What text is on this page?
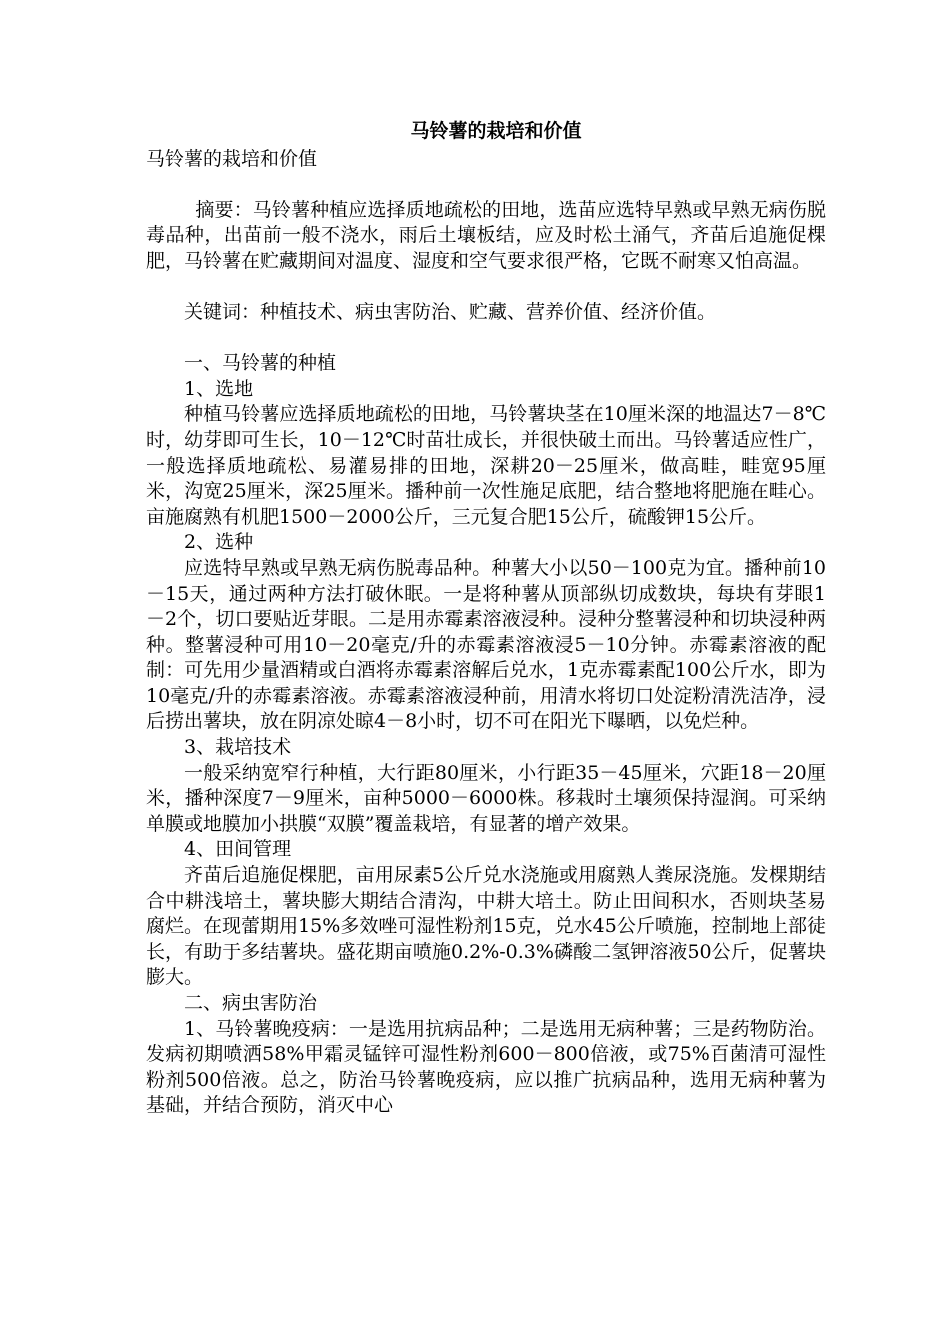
马铃薯的栽培和价值

马铃薯的栽培和价值

摘要：马铃薯种植应选择质地疏松的田地，选苗应选特早熟或早熟无病伤脱毒品种，出苗前一般不浇水，雨后土壤板结，应及时松土涌气，齐苗后追施促棵肥，马铃薯在贮藏期间对温度、湿度和空气要求很严格，它既不耐寒又怕高温。

关键词：种植技术、病虫害防治、贮藏、营养价值、经济价值。

一、马铃薯的种植

1、选地

种植马铃薯应选择质地疏松的田地，马铃薯块茎在10厘米深的地温达7－8℃时，幼芽即可生长，10－12℃时苗壮成长，并很快破土而出。马铃薯适应性广，一般选择质地疏松、易灌易排的田地，深耕20－25厘米，做高畦，畦宽95厘米，沟宽25厘米，深25厘米。播种前一次性施足底肥，结合整地将肥施在畦心。亩施腐熟有机肥1500－2000公斤，三元复合肥15公斤，硫酸钾15公斤。

2、选种

应选特早熟或早熟无病伤脱毒品种。种薯大小以50－100克为宜。播种前10－15天，通过两种方法打破休眠。一是将种薯从顶部纵切成数块，每块有芽眼1－2个，切口要贴近芽眼。二是用赤霉素溶液浸种。浸种分整薯浸种和切块浸种两种。整薯浸种可用10－20毫克/升的赤霉素溶液浸5－10分钟。赤霉素溶液的配制：可先用少量酒精或白酒将赤霉素溶解后兑水，1克赤霉素配100公斤水，即为10毫克/升的赤霉素溶液。赤霉素溶液浸种前，用清水将切口处淀粉清洗洁净，浸后捞出薯块，放在阴凉处晾4－8小时，切不可在阳光下曝晒，以免烂种。

3、栽培技术

一般采纳宽窄行种植，大行距80厘米，小行距35－45厘米，穴距18－20厘米，播种深度7－9厘米，亩种5000－6000株。移栽时土壤须保持湿润。可采纳单膜或地膜加小拱膜“双膜”覆盖栽培，有显著的增产效果。

4、田间管理

齐苗后追施促棵肥，亩用尿素5公斤兑水浇施或用腐熟人粪尿浇施。发棵期结合中耕浅培土，薯块膨大期结合清沟，中耕大培土。防止田间积水，否则块茎易腐烂。在现蕾期用15%多效唑可湿性粉剂15克，兑水45公斤喷施，控制地上部徒长，有助于多结薯块。盛花期亩喷施0.2%-0.3%磷酸二氢钾溶液50公斤，促薯块膨大。

二、病虫害防治

1、马铃薯晚疫病：一是选用抗病品种；二是选用无病种薯；三是药物防治。发病初期喷洒58%甲霜灵锰锌可湿性粉剂600－800倍液，或75%百菌清可湿性粉剂500倍液。总之，防治马铃薯晚疫病，应以推广抗病品种，选用无病种薯为基础，并结合预防，消灭中心
